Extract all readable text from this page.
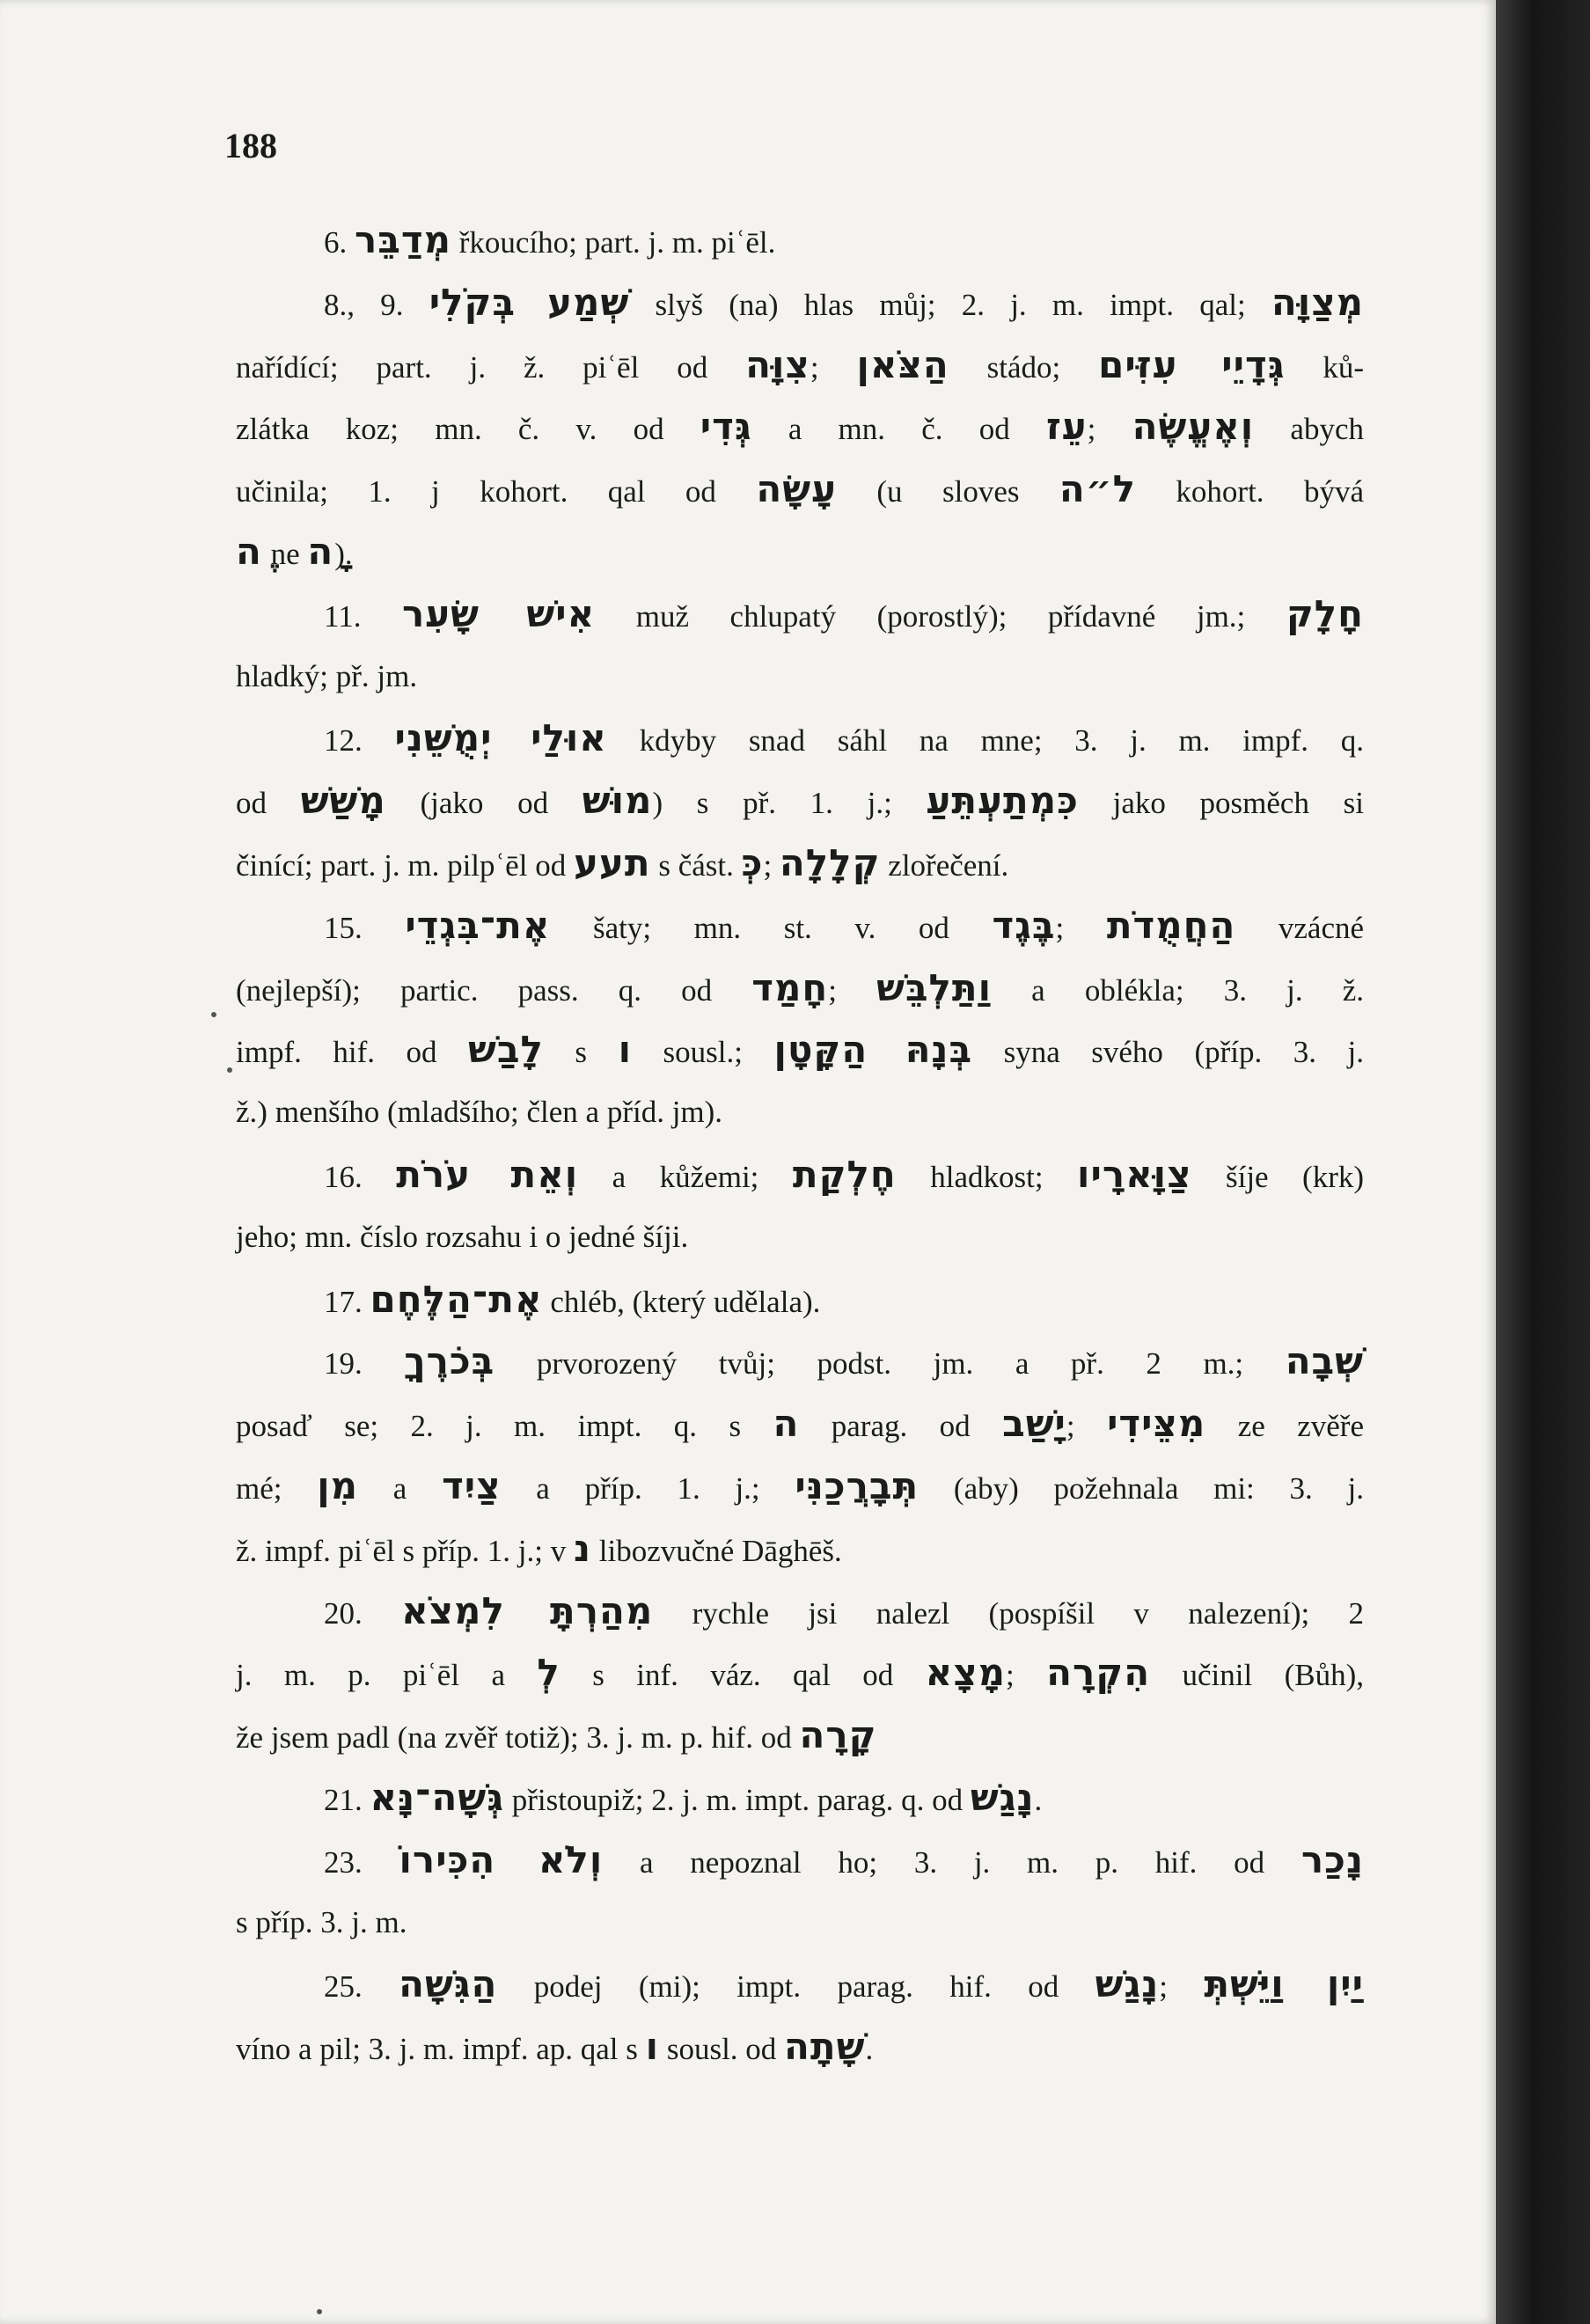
188
6. מְדַבֵּר řkoucího; part. j. m. piʿēl.
8., 9. שְׁמַע בְּקֹלִי slyš (na) hlas můj; 2. j. m. impt. qal; מְצַוָּה
nařídící; part. j. ž. piʿēl od צִוָּה; הַצֹּאן stádo; גְּדָיֵי עִזִּים ků-
zlátka koz; mn. č. v. od גְּדִי a mn. č. od עֵז; וְאֶעֱשֶׂה abych
učinila; 1. j kohort. qal od עָשָׂה (u sloves ל״ה kohort. bývá
ֶה ne ָה).
11. אִישׁ שָׂעִר muž chlupatý (porostlý); přídavné jm.; חָלָק
hladký; př. jm.
12. אוּלַי יְמֻשֵּׁנִי kdyby snad sáhl na mne; 3. j. m. impf. q.
od מָשַׁשׁ (jako od מוּשׁ) s př. 1. j.; כִּמְתַעְתֵּעַ jako posměch si
činící; part. j. m. pilpʿēl od תעע s část. כְּ; קְלָלָה zlořečení.
15. אֶת־בִּגְדֵי šaty; mn. st. v. od בֶּגֶד; הַחֲמֻדֹת vzácné
(nejlepší); partic. pass. q. od חָמַד; וַתַּלְבֵּשׁ a oblékla; 3. j. ž.
impf. hif. od לָבַשׁ s ו sousl.; בְּנָהּ הַקָּטָן syna svého (příp. 3. j.
ž.) menšího (mladšího; člen a příd. jm).
16. וְאֵת עֹרֹת a kůžemi; חֶלְקַת hladkost; צַוָּארָיו šíje (krk)
jeho; mn. číslo rozsahu i o jedné šíji.
17. אֶת־הַלֶּחֶם chléb, (který udělala).
19. בְּכֹרֶךָ prvorozený tvůj; podst. jm. a př. 2 m.; שְׁבָה
posaď se; 2. j. m. impt. q. s ה parag. od יָשַׁב; מִצֵּידִי ze zvěře
mé; מִן a צַיִד a příp. 1. j.; תְּבָרֲכַנִּי (aby) požehnala mi: 3. j.
ž. impf. piʿēl s příp. 1. j.; v נ libozvučné Dāghēš.
20. מִהַרְתָּ לִמְצֹא rychle jsi nalezl (pospíšil v nalezení); 2
j. m. p. piʿēl a לְ s inf. váz. qal od מָצָא; הִקְרָה učinil (Bůh),
že jsem padl (na zvěř totiž); 3. j. m. p. hif. od קָרָה
21. גְּשָׁה־נָּא přistoupiž; 2. j. m. impt. parag. q. od נָגַשׁ.
23. וְלֹא הִכִּירוֹ a nepoznal ho; 3. j. m. p. hif. od נָכַר
s příp. 3. j. m.
25. הַגִּשָׁה podej (mi); impt. parag. hif. od נָגַשׁ; יַיִן וַיֵּשְׁתְּ
víno a pil; 3. j. m. impf. ap. qal s ו sousl. od שָׁתָה.
